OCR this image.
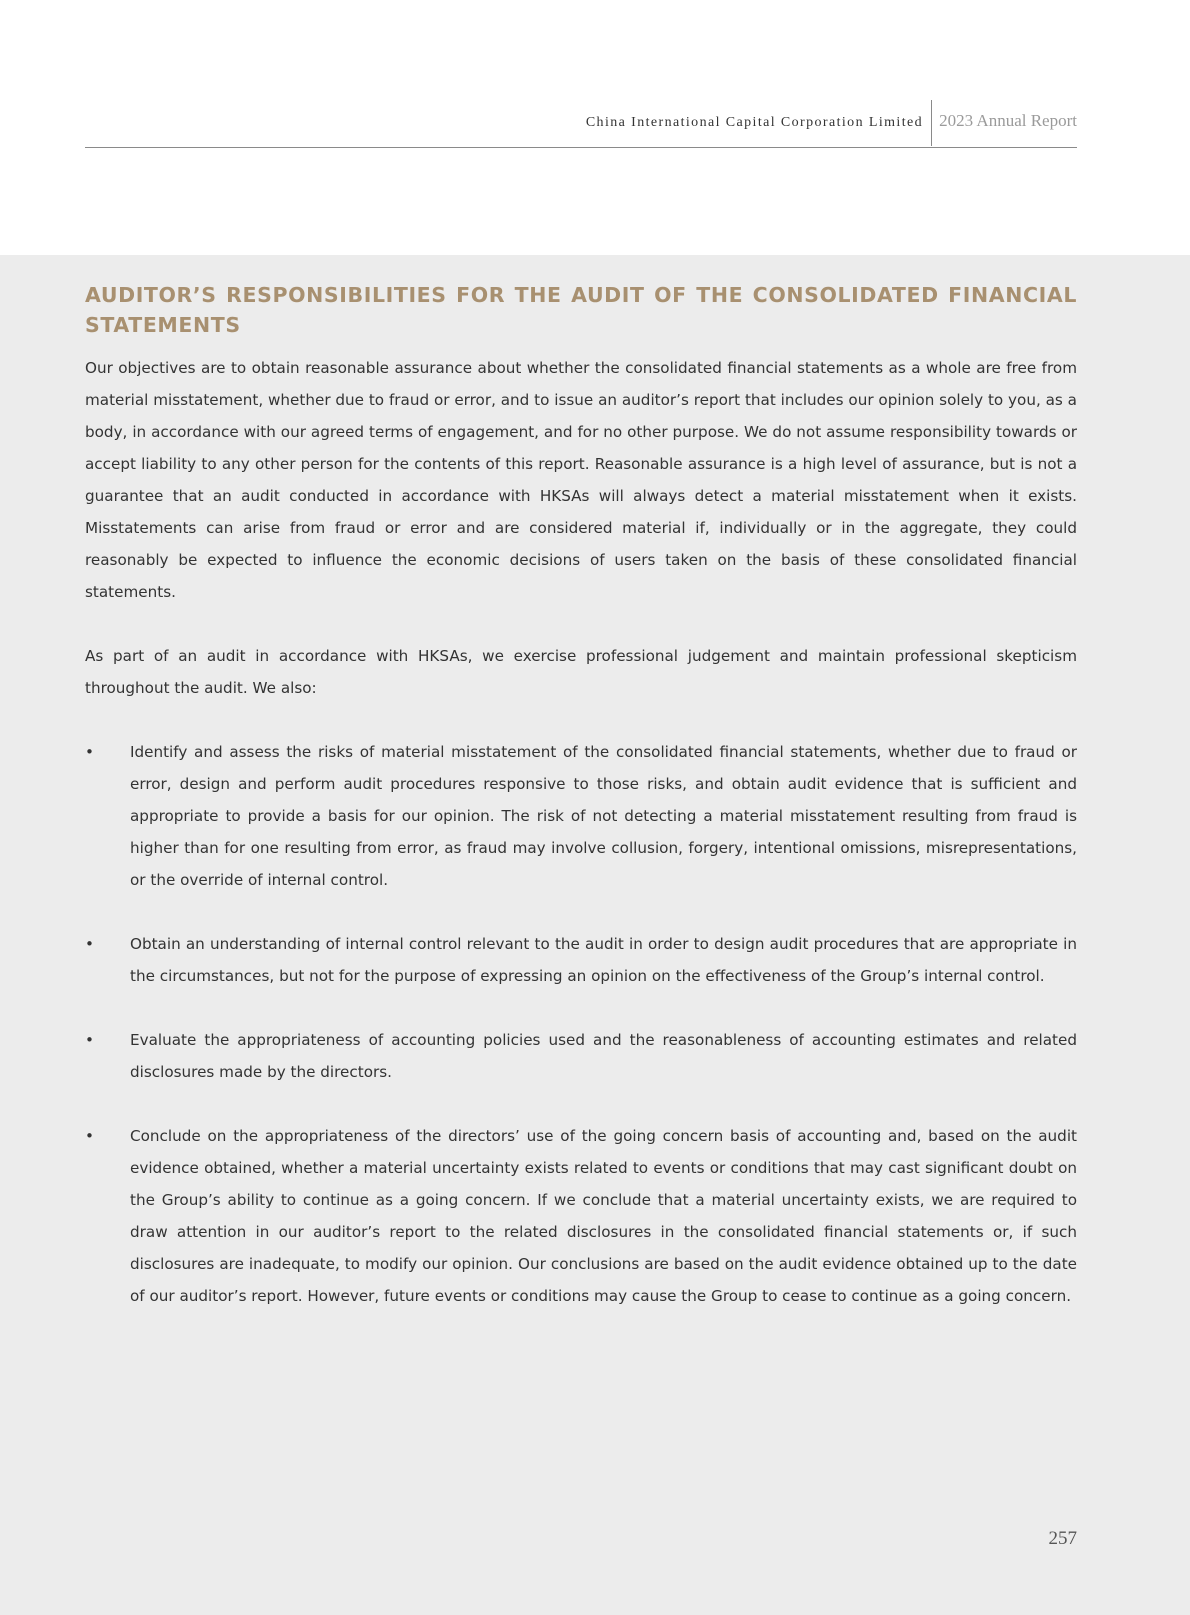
China International Capital Corporation Limited 2023 Annual Report
AUDITOR’S RESPONSIBILITIES FOR THE AUDIT OF THE CONSOLIDATED FINANCIAL STATEMENTS

Our objectives are to obtain reasonable assurance about whether the consolidated financial statements as a whole are free from material misstatement, whether due to fraud or error, and to issue an auditor’s report that includes our opinion solely to you, as a body, in accordance with our agreed terms of engagement, and for no other purpose. We do not assume responsibility towards or accept liability to any other person for the contents of this report. Reasonable assurance is a high level of assurance, but is not a guarantee that an audit conducted in accordance with HKSAs will always detect a material misstatement when it exists. Misstatements can arise from fraud or error and are considered material if, individually or in the aggregate, they could reasonably be expected to influence the economic decisions of users taken on the basis of these consolidated financial statements.

As part of an audit in accordance with HKSAs, we exercise professional judgement and maintain professional skepticism throughout the audit. We also:

• Identify and assess the risks of material misstatement of the consolidated financial statements, whether due to fraud or error, design and perform audit procedures responsive to those risks, and obtain audit evidence that is sufficient and appropriate to provide a basis for our opinion. The risk of not detecting a material misstatement resulting from fraud is higher than for one resulting from error, as fraud may involve collusion, forgery, intentional omissions, misrepresentations, or the override of internal control.
• Obtain an understanding of internal control relevant to the audit in order to design audit procedures that are appropriate in the circumstances, but not for the purpose of expressing an opinion on the effectiveness of the Group’s internal control.
• Evaluate the appropriateness of accounting policies used and the reasonableness of accounting estimates and related disclosures made by the directors.
• Conclude on the appropriateness of the directors’ use of the going concern basis of accounting and, based on the audit evidence obtained, whether a material uncertainty exists related to events or conditions that may cast significant doubt on the Group’s ability to continue as a going concern. If we conclude that a material uncertainty exists, we are required to draw attention in our auditor’s report to the related disclosures in the consolidated financial statements or, if such disclosures are inadequate, to modify our opinion. Our conclusions are based on the audit evidence obtained up to the date of our auditor’s report. However, future events or conditions may cause the Group to cease to continue as a going concern.
257
